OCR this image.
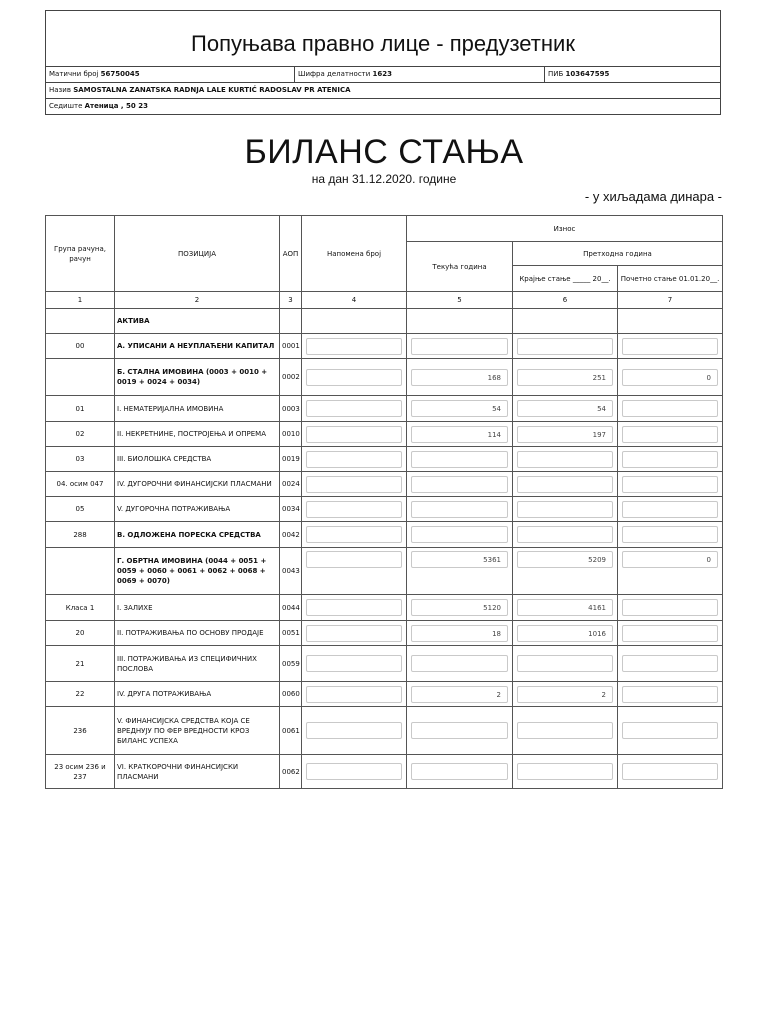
Попуњава правно лице - предузетник
Матични број 56750045	Шифра делатности 1623	ПИБ 103647595
Назив SAMOSTALNA ZANATSKA RADNJA LALE KURTIĆ RADOSLAV PR ATENICA
Седиште Атеница , 50 23
БИЛАНС СТАЊА
на дан 31.12.2020. године
- у хиљадама динара -
Група рачуна, рачун	ПОЗИЦИЈА	АОП	Напомена број	Износ		
				Текућа година	Претходна година	
					Крајње стање _____ 20__.	Почетно стање 01.01.20__.
1	2	3	4	5	6	7
	АКТИВА					
00	А. УПИСАНИ А НЕУПЛАЋЕНИ КАПИТАЛ	0001	

	Б. СТАЛНА ИМОВИНА (0003 + 0010 + 0019 + 0024 + 0034)	0002		168	251	0

01	I. НЕМАТЕРИЈАЛНА ИМОВИНА	0003		54	54	

02	II. НЕКРЕТНИНЕ, ПОСТРОЈЕЊА И ОПРЕМА	0010		114	197	

03	III. БИОЛОШКА СРЕДСТВА	0019	

04. осим 047	IV. ДУГОРОЧНИ ФИНАНСИЈСКИ ПЛАСМАНИ	0024	

05	V. ДУГОРОЧНА ПОТРАЖИВАЊА	0034	

288	В. ОДЛОЖЕНА ПОРЕСКА СРЕДСТВА	0042	

	Г. ОБРТНА ИМОВИНА (0044 + 0051 + 0059 + 0060 + 0061 + 0062 + 0068 + 0069 + 0070)	0043		5361	5209	0

Класа 1	I. ЗАЛИХЕ	0044		5120	4161	

20	II. ПОТРАЖИВАЊА ПО ОСНОВУ ПРОДАЈЕ	0051		18	1016	

21	III. ПОТРАЖИВАЊА ИЗ СПЕЦИФИЧНИХ ПОСЛОВА	0059	

22	IV. ДРУГА ПОТРАЖИВАЊА	0060		2	2	

236	V. ФИНАНСИЈСКА СРЕДСТВА КОЈА СЕ ВРЕДНУЈУ ПО ФЕР ВРЕДНОСТИ КРОЗ БИЛАНС УСПЕХА	0061	

23 осим 236 и 237	VI. КРАТКОРОЧНИ ФИНАНСИЈСКИ ПЛАСМАНИ	0062	
